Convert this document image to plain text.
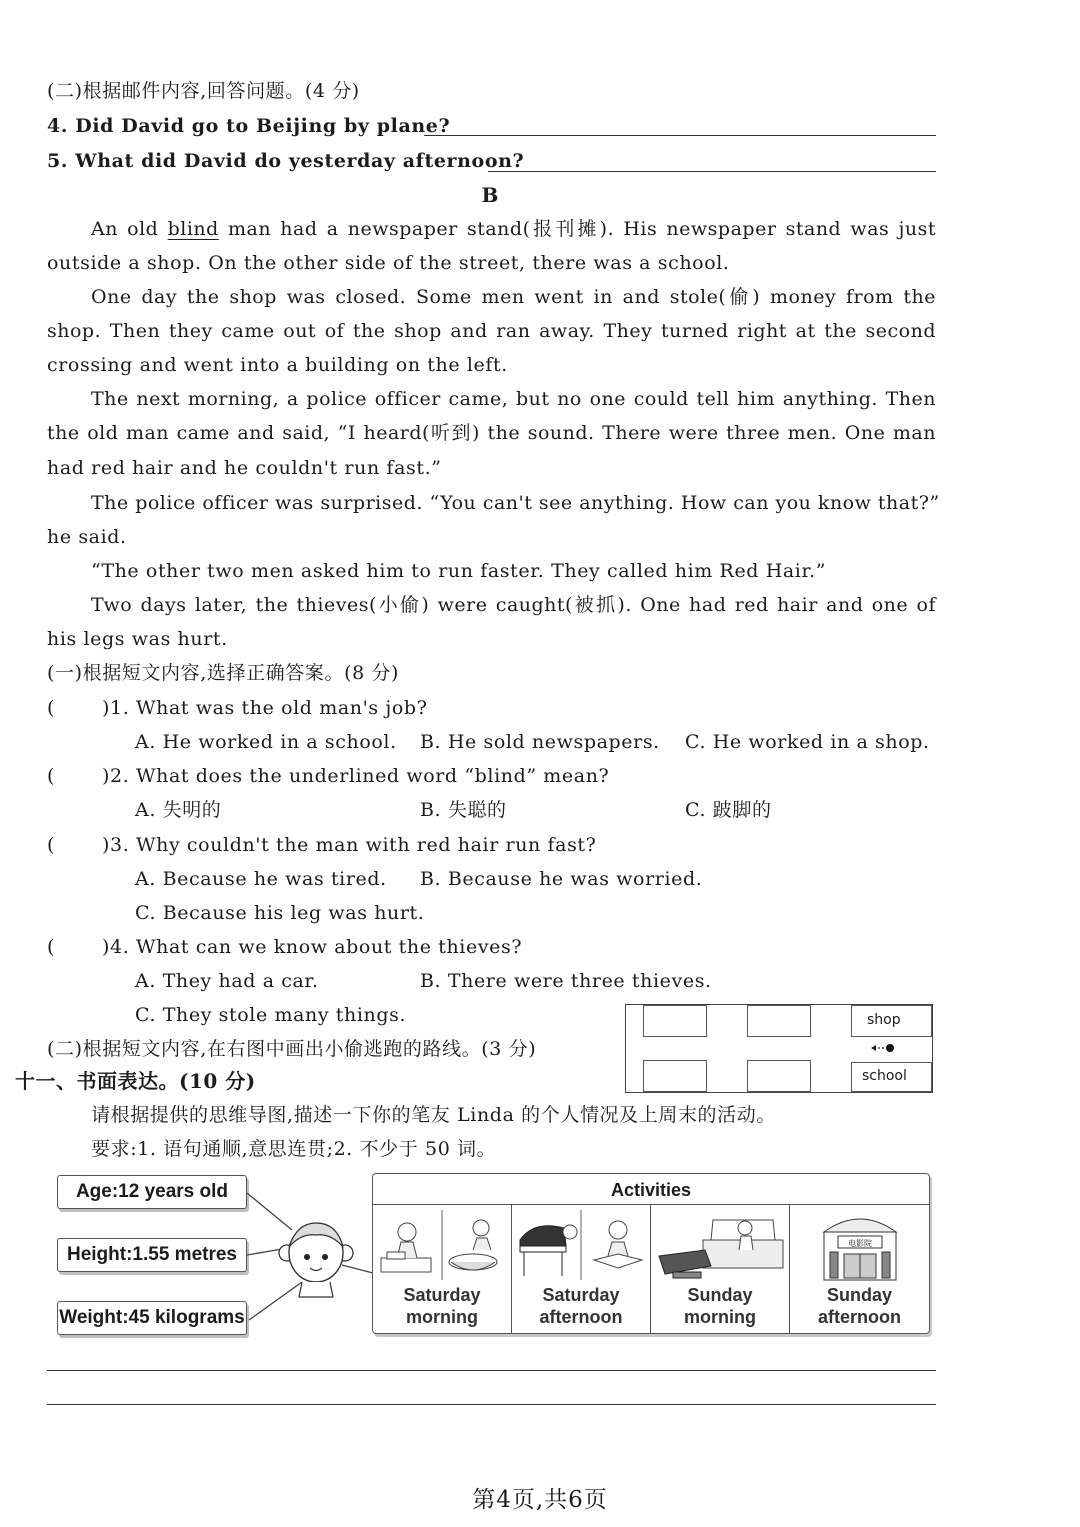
(二)根据邮件内容,回答问题。(4 分)
4. Did David go to Beijing by plane?
5. What did David do yesterday afternoon?
B
An old blind man had a newspaper stand(报刊摊). His newspaper stand was just
outside a shop. On the other side of the street, there was a school.
One day the shop was closed. Some men went in and stole(偷) money from the
shop. Then they came out of the shop and ran away. They turned right at the second
crossing and went into a building on the left.
The next morning, a police officer came, but no one could tell him anything. Then
the old man came and said, “I heard(听到) the sound. There were three men. One man
had red hair and he couldn't run fast.”
The police officer was surprised. “You can't see anything. How can you know that?”
he said.
“The other two men asked him to run faster. They called him Red Hair.”
Two days later, the thieves(小偷) were caught(被抓). One had red hair and one of
his legs was hurt.
(一)根据短文内容,选择正确答案。(8 分)
( )1. What was the old man's job?
A. He worked in a school. B. He sold newspapers. C. He worked in a shop.
( )2. What does the underlined word “blind” mean?
A. 失明的	B. 失聪的	C. 跛脚的
( )3. Why couldn't the man with red hair run fast?
A. Because he was tired. B. Because he was worried.
C. Because his leg was hurt.
( )4. What can we know about the thieves?
A. They had a car.	B. There were three thieves.
C. They stole many things.
(二)根据短文内容,在右图中画出小偷逃跑的路线。(3 分)
shop
school
十一、书面表达。(10 分)
请根据提供的思维导图,描述一下你的笔友 Linda 的个人情况及上周末的活动。
要求:1. 语句通顺,意思连贯;2. 不少于 50 词。
Age:12 years old
Height:1.55 metres
Weight:45 kilograms
Activities
Saturday
morning
Saturday
afternoon
Sunday
morning
电影院
Sunday
afternoon
第4页,共6页
